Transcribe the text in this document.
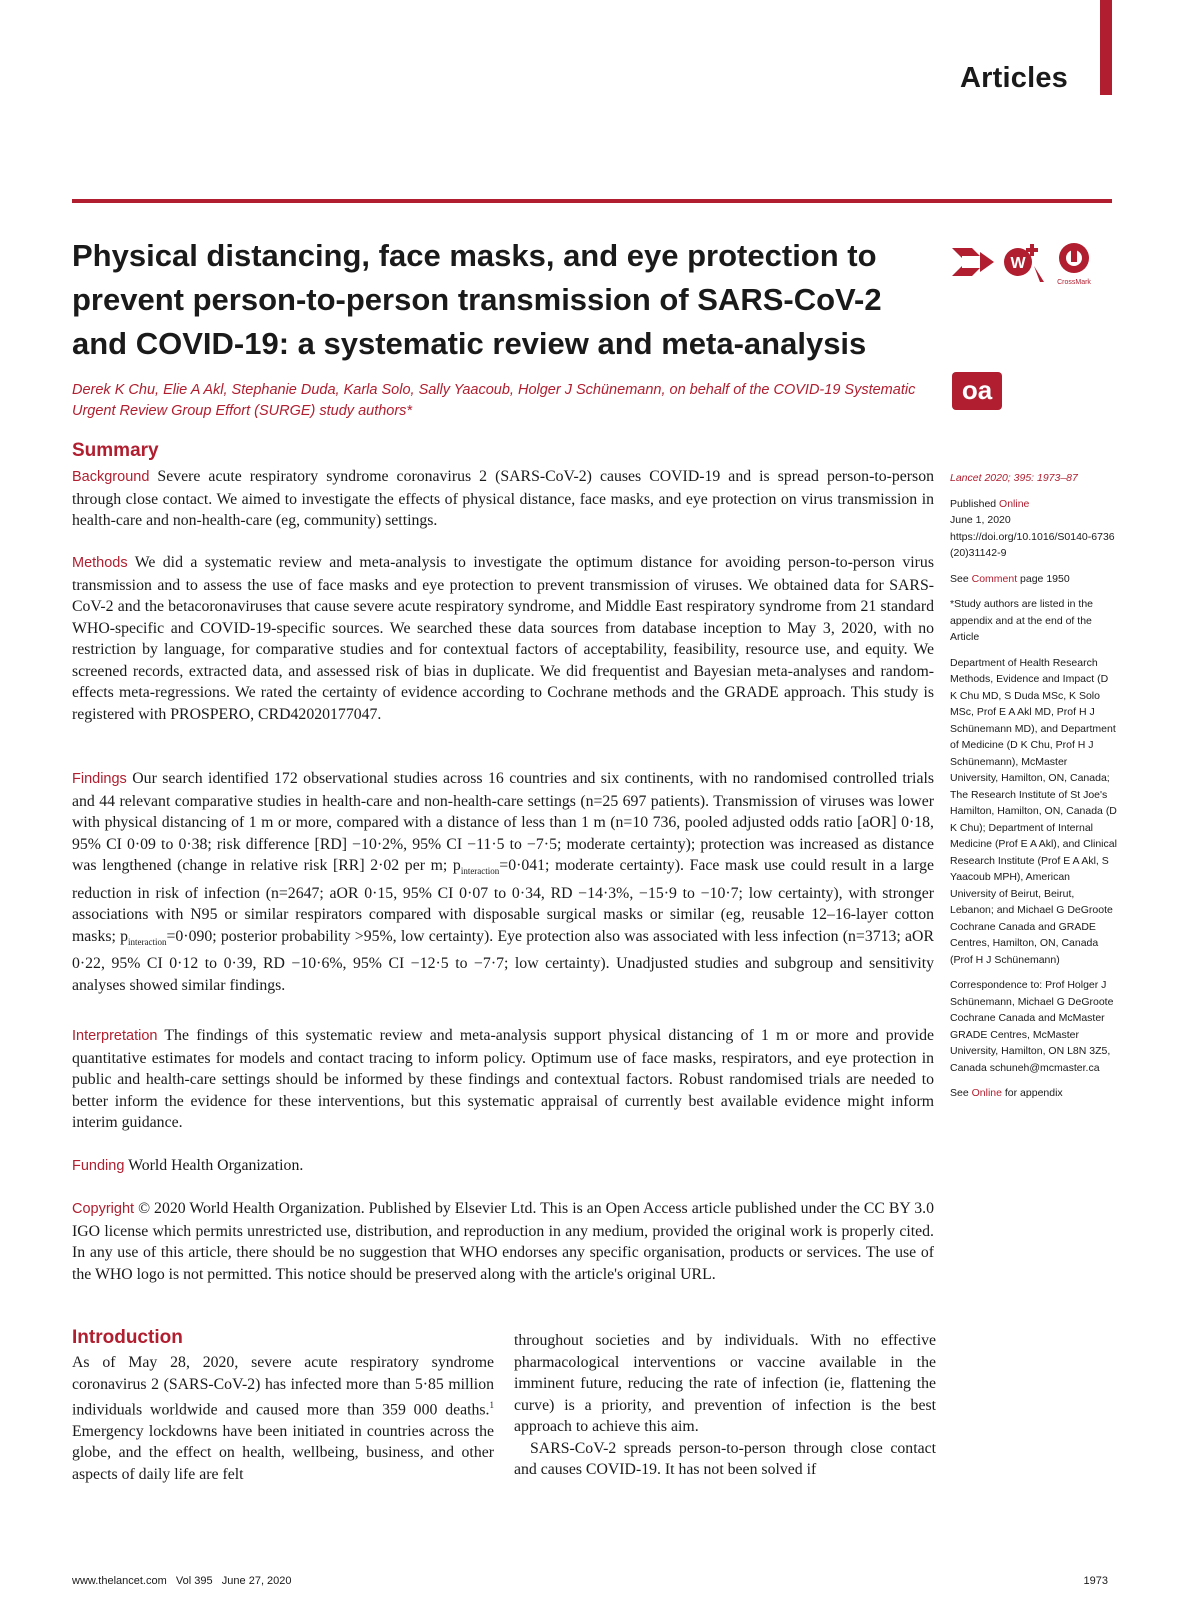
Articles
Physical distancing, face masks, and eye protection to prevent person-to-person transmission of SARS-CoV-2 and COVID-19: a systematic review and meta-analysis
W
CrossMark
oa
Derek K Chu, Elie A Akl, Stephanie Duda, Karla Solo, Sally Yaacoub, Holger J Schünemann, on behalf of the COVID-19 Systematic Urgent Review Group Effort (SURGE) study authors*
Summary

Background Severe acute respiratory syndrome coronavirus 2 (SARS-CoV-2) causes COVID-19 and is spread person-to-person through close contact. We aimed to investigate the effects of physical distance, face masks, and eye protection on virus transmission in health-care and non-health-care (eg, community) settings.

Methods We did a systematic review and meta-analysis to investigate the optimum distance for avoiding person-to-person virus transmission and to assess the use of face masks and eye protection to prevent transmission of viruses. We obtained data for SARS-CoV-2 and the betacoronaviruses that cause severe acute respiratory syndrome, and Middle East respiratory syndrome from 21 standard WHO-specific and COVID-19-specific sources. We searched these data sources from database inception to May 3, 2020, with no restriction by language, for comparative studies and for contextual factors of acceptability, feasibility, resource use, and equity. We screened records, extracted data, and assessed risk of bias in duplicate. We did frequentist and Bayesian meta-analyses and random-effects meta-regressions. We rated the certainty of evidence according to Cochrane methods and the GRADE approach. This study is registered with PROSPERO, CRD42020177047.

Findings Our search identified 172 observational studies across 16 countries and six continents, with no randomised controlled trials and 44 relevant comparative studies in health-care and non-health-care settings (n=25 697 patients). Transmission of viruses was lower with physical distancing of 1 m or more, compared with a distance of less than 1 m (n=10 736, pooled adjusted odds ratio [aOR] 0·18, 95% CI 0·09 to 0·38; risk difference [RD] −10·2%, 95% CI −11·5 to −7·5; moderate certainty); protection was increased as distance was lengthened (change in relative risk [RR] 2·02 per m; $p_{interaction}=0\cdot 041$; moderate certainty). Face mask use could result in a large reduction in risk of infection (n=2647; aOR 0·15, 95% CI 0·07 to 0·34, RD −14·3%, −15·9 to −10·7; low certainty), with stronger associations with N95 or similar respirators compared with disposable surgical masks or similar (eg, reusable 12–16-layer cotton masks; $p_{interaction}=0\cdot 090$; posterior probability >95%, low certainty). Eye protection also was associated with less infection (n=3713; aOR 0·22, 95% CI 0·12 to 0·39, RD −10·6%, 95% CI −12·5 to −7·7; low certainty). Unadjusted studies and subgroup and sensitivity analyses showed similar findings.

Interpretation The findings of this systematic review and meta-analysis support physical distancing of 1 m or more and provide quantitative estimates for models and contact tracing to inform policy. Optimum use of face masks, respirators, and eye protection in public and health-care settings should be informed by these findings and contextual factors. Robust randomised trials are needed to better inform the evidence for these interventions, but this systematic appraisal of currently best available evidence might inform interim guidance.

Funding World Health Organization.

Copyright © 2020 World Health Organization. Published by Elsevier Ltd. This is an Open Access article published under the CC BY 3.0 IGO license which permits unrestricted use, distribution, and reproduction in any medium, provided the original work is properly cited. In any use of this article, there should be no suggestion that WHO endorses any specific organisation, products or services. The use of the WHO logo is not permitted. This notice should be preserved along with the article's original URL.

Lancet 2020; 395: 1973–87

Published Online
June 1, 2020
https://doi.org/10.1016/S0140-6736(20)31142-9

See Comment page 1950

*Study authors are listed in the appendix and at the end of the Article

Department of Health Research Methods, Evidence and Impact (D K Chu MD, S Duda MSc, K Solo MSc, Prof E A Akl MD, Prof H J Schünemann MD), and Department of Medicine (D K Chu, Prof H J Schünemann), McMaster University, Hamilton, ON, Canada; The Research Institute of St Joe's Hamilton, Hamilton, ON, Canada (D K Chu); Department of Internal Medicine (Prof E A Akl), and Clinical Research Institute (Prof E A Akl, S Yaacoub MPH), American University of Beirut, Beirut, Lebanon; and Michael G DeGroote Cochrane Canada and GRADE Centres, Hamilton, ON, Canada (Prof H J Schünemann)

Correspondence to: Prof Holger J Schünemann, Michael G DeGroote Cochrane Canada and McMaster GRADE Centres, McMaster University, Hamilton, ON L8N 3Z5, Canada schuneh@mcmaster.ca

See Online for appendix

Introduction

As of May 28, 2020, severe acute respiratory syndrome coronavirus 2 (SARS-CoV-2) has infected more than 5·85 million individuals worldwide and caused more than 359 000 deaths.$^1$ Emergency lockdowns have been initiated in countries across the globe, and the effect on health, wellbeing, business, and other aspects of daily life are felt

throughout societies and by individuals. With no effective pharmacological interventions or vaccine available in the imminent future, reducing the rate of infection (ie, flattening the curve) is a priority, and prevention of infection is the best approach to achieve this aim.
SARS-CoV-2 spreads person-to-person through close contact and causes COVID-19. It has not been solved if

www.thelancet.com   Vol 395   June 27, 2020	1973
